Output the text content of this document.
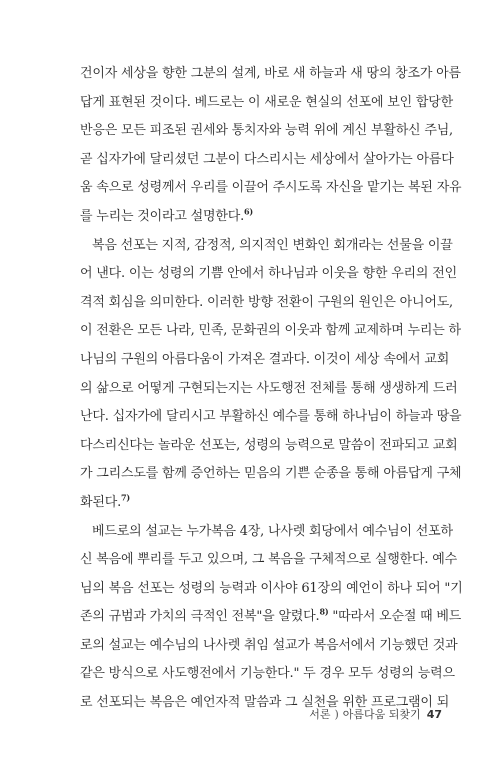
건이자 세상을 향한 그분의 설계, 바로 새 하늘과 새 땅의 창조가 아름
답게 표현된 것이다. 베드로는 이 새로운 현실의 선포에 보인 합당한
반응은 모든 피조된 권세와 통치자와 능력 위에 계신 부활하신 주님,
곧 십자가에 달리셨던 그분이 다스리시는 세상에서 살아가는 아름다
움 속으로 성령께서 우리를 이끌어 주시도록 자신을 맡기는 복된 자유
를 누리는 것이라고 설명한다.$^{6)}$
복음 선포는 지적, 감정적, 의지적인 변화인 회개라는 선물을 이끌
어 낸다. 이는 성령의 기쁨 안에서 하나님과 이웃을 향한 우리의 전인
격적 회심을 의미한다. 이러한 방향 전환이 구원의 원인은 아니어도,
이 전환은 모든 나라, 민족, 문화권의 이웃과 함께 교제하며 누리는 하
나님의 구원의 아름다움이 가져온 결과다. 이것이 세상 속에서 교회
의 삶으로 어떻게 구현되는지는 사도행전 전체를 통해 생생하게 드러
난다. 십자가에 달리시고 부활하신 예수를 통해 하나님이 하늘과 땅을
다스리신다는 놀라운 선포는, 성령의 능력으로 말씀이 전파되고 교회
가 그리스도를 함께 증언하는 믿음의 기쁜 순종을 통해 아름답게 구체
화된다.$^{7)}$
베드로의 설교는 누가복음 4장, 나사렛 회당에서 예수님이 선포하
신 복음에 뿌리를 두고 있으며, 그 복음을 구체적으로 실행한다. 예수
님의 복음 선포는 성령의 능력과 이사야 61장의 예언이 하나 되어 "기
존의 규범과 가치의 극적인 전복"을 알렸다.$^{8)}$ "따라서 오순절 때 베드
로의 설교는 예수님의 나사렛 취임 설교가 복음서에서 기능했던 것과
같은 방식으로 사도행전에서 기능한다." 두 경우 모두 성령의 능력으
로 선포되는 복음은 예언자적 말씀과 그 실천을 위한 프로그램이 되
서론 ) 아름다움 되찾기 47
